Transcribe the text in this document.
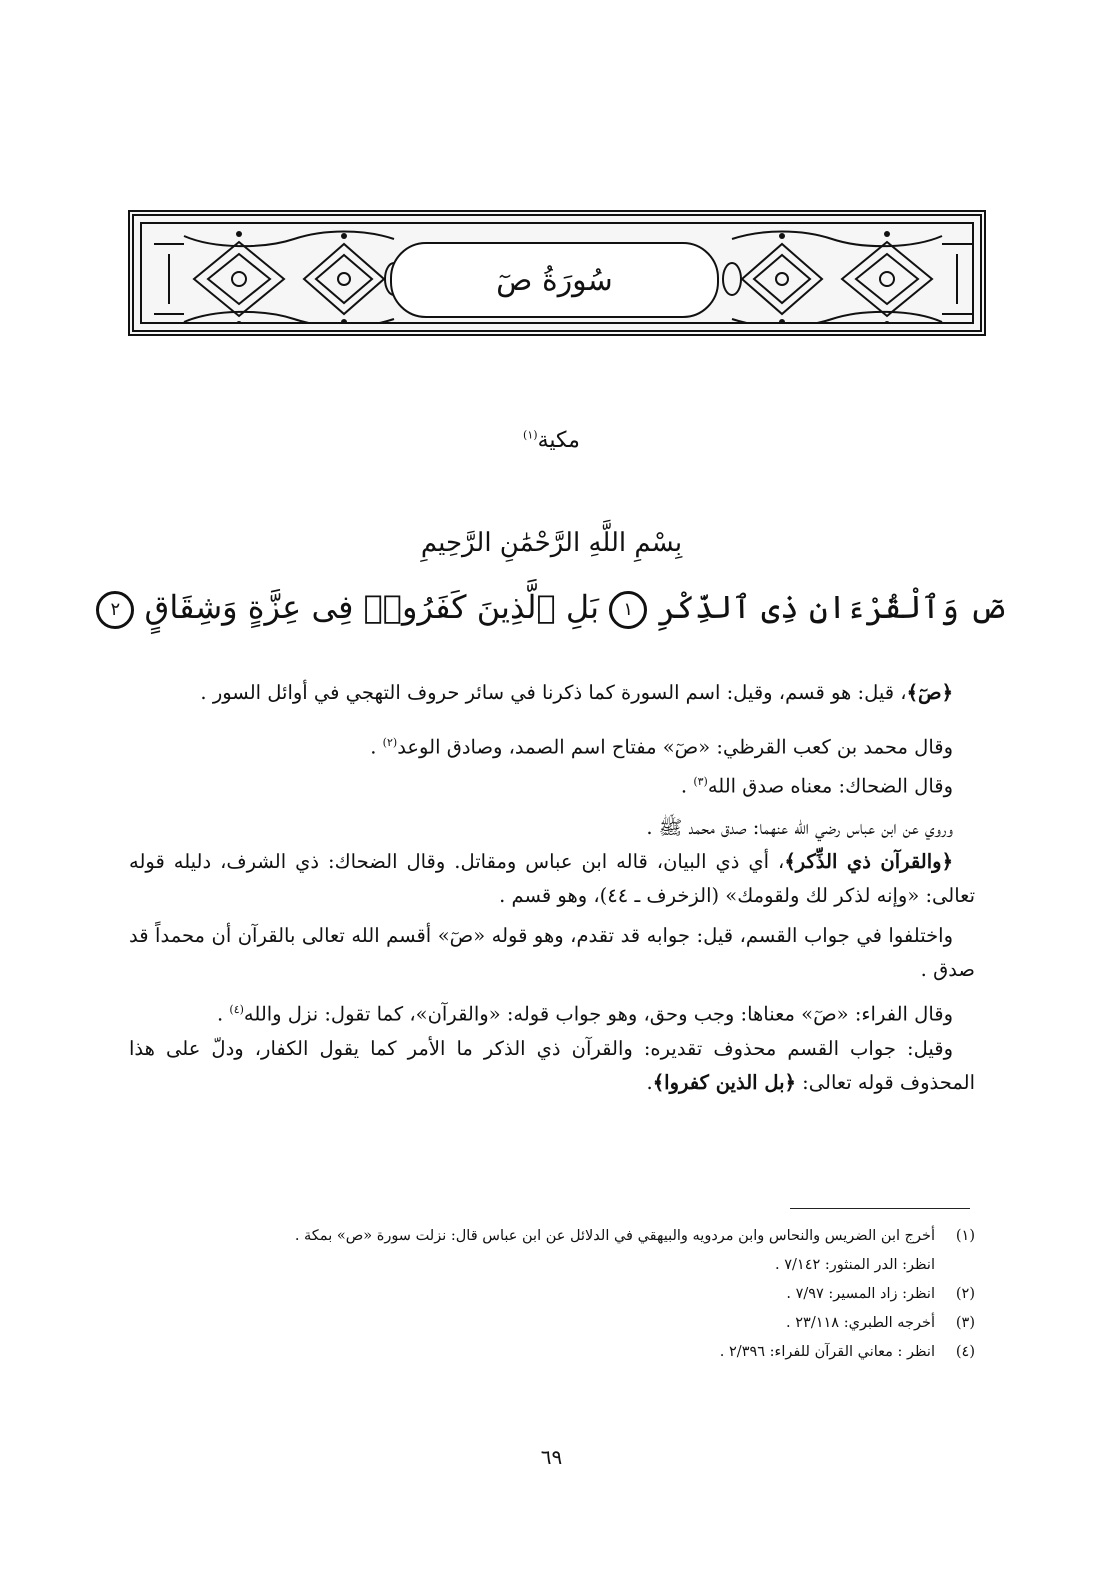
سُورَةُ صٓ
مكية$^{(١)}$
بِسْمِ اللَّهِ الرَّحْمَٰنِ الرَّحِيمِ
صٓ وَٱلْقُرْءَانِ ذِى ٱلذِّكْرِ ١ بَلِ ٱلَّذِينَ كَفَرُوا۟ فِى عِزَّةٍ وَشِقَاقٍ ٢

﴿صٓ﴾، قيل: هو قسم، وقيل: اسم السورة كما ذكرنا في سائر حروف التهجي في أوائل السور .

وقال محمد بن كعب القرظي: «صٓ» مفتاح اسم الصمد، وصادق الوعد$^{(٢)}$ .

وقال الضحاك: معناه صدق الله$^{(٣)}$ .

وروي عن ابن عباس رضي الله عنهما: صدق محمد ﷺ .

﴿والقرآن ذي الذِّكر﴾، أي ذي البيان، قاله ابن عباس ومقاتل. وقال الضحاك: ذي الشرف، دليله قوله تعالى: «وإنه لذكر لك ولقومك» (الزخرف ـ ٤٤)، وهو قسم .

واختلفوا في جواب القسم، قيل: جوابه قد تقدم، وهو قوله «صٓ» أقسم الله تعالى بالقرآن أن محمداً قد صدق .

وقال الفراء: «صٓ» معناها: وجب وحق، وهو جواب قوله: «والقرآن»، كما تقول: نزل والله$^{(٤)}$ .

وقيل: جواب القسم محذوف تقديره: والقرآن ذي الذكر ما الأمر كما يقول الكفار، ودلّ على هذا المحذوف قوله تعالى: ﴿بل الذين كفروا﴾.

(١)
أخرج ابن الضريس والنحاس وابن مردويه والبيهقي في الدلائل عن ابن عباس قال: نزلت سورة «ص» بمكة .
انظر: الدر المنثور: ٧/١٤٢ .
(٢)
انظر: زاد المسير: ٧/٩٧ .
(٣)
أخرجه الطبري: ٢٣/١١٨ .
(٤)
انظر : معاني القرآن للفراء: ٢/٣٩٦ .
٦٩
